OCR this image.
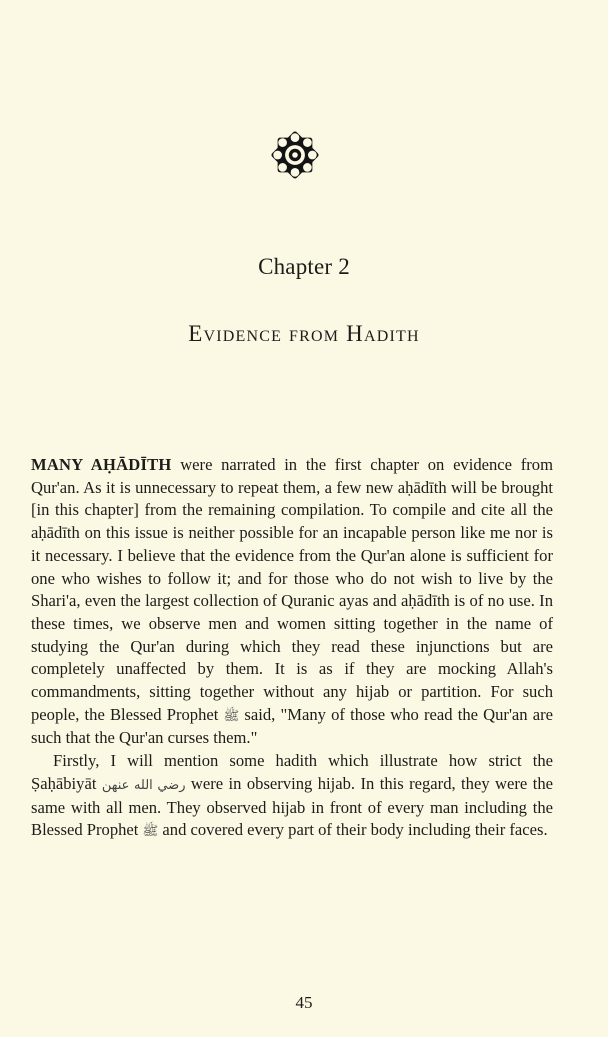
Chapter 2
Evidence from Hadith

MANY AḤĀDĪTH were narrated in the first chapter on evidence from Qur'an. As it is unnecessary to repeat them, a few new aḥādīth will be brought [in this chapter] from the remaining compilation. To compile and cite all the aḥādīth on this issue is neither possible for an incapable person like me nor is it necessary. I believe that the evidence from the Qur'an alone is sufficient for one who wishes to follow it; and for those who do not wish to live by the Shari'a, even the largest collection of Quranic ayas and aḥādīth is of no use. In these times, we observe men and women sitting together in the name of studying the Qur'an during which they read these injunctions but are completely unaffected by them. It is as if they are mocking Allah's commandments, sitting together without any hijab or partition. For such people, the Blessed Prophet ﷺ said, "Many of those who read the Qur'an are such that the Qur'an curses them."

Firstly, I will mention some hadith which illustrate how strict the Ṣaḥābiyāt رضي الله عنهن were in observing hijab. In this regard, they were the same with all men. They observed hijab in front of every man including the Blessed Prophet ﷺ and covered every part of their body including their faces.

45
